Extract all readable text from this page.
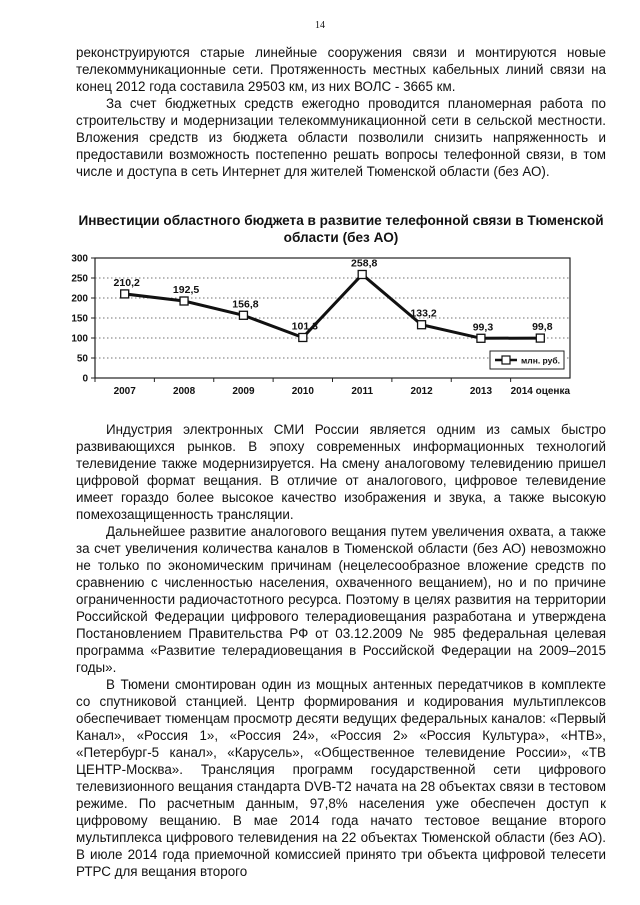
14

реконструируются старые линейные сооружения связи и монтируются новые телекоммуникационные сети. Протяженность местных кабельных линий связи на конец 2012 года составила 29503 км, из них ВОЛС - 3665 км.

За счет бюджетных средств ежегодно проводится планомерная работа по строительству и модернизации телекоммуникационной сети в сельской местности. Вложения средств из бюджета области позволили снизить напряженность и предоставили возможность постепенно решать вопросы телефонной связи, в том числе и доступа в сеть Интернет для жителей Тюменской области (без АО).

Инвестиции областного бюджета в развитие телефонной связи в Тюменской области (без АО)
0
50
100
150
200
250
300
2007	2008	2009	2010	2011	2012	2013 2014 оценка
210,2
192,5
156,8
101,3
258,8
133,2
99,3	99,8
млн. руб.

Индустрия электронных СМИ России является одним из самых быстро развивающихся рынков. В эпоху современных информационных технологий телевидение также модернизируется. На смену аналоговому телевидению пришел цифровой формат вещания. В отличие от аналогового, цифровое телевидение имеет гораздо более высокое качество изображения и звука, а также высокую помехозащищенность трансляции.

Дальнейшее развитие аналогового вещания путем увеличения охвата, а также за счет увеличения количества каналов в Тюменской области (без АО) невозможно не только по экономическим причинам (нецелесообразное вложение средств по сравнению с численностью населения, охваченного вещанием), но и по причине ограниченности радиочастотного ресурса. Поэтому в целях развития на территории Российской Федерации цифрового телерадиовещания разработана и утверждена Постановлением Правительства РФ от 03.12.2009 № 985 федеральная целевая программа «Развитие телерадиовещания в Российской Федерации на 2009–2015 годы».

В Тюмени смонтирован один из мощных антенных передатчиков в комплекте со спутниковой станцией. Центр формирования и кодирования мультиплексов обеспечивает тюменцам просмотр десяти ведущих федеральных каналов: «Первый Канал», «Россия 1», «Россия 24», «Россия 2» «Россия Культура», «НТВ», «Петербург-5 канал», «Карусель», «Общественное телевидение России», «ТВ ЦЕНТР-Москва». Трансляция программ государственной сети цифрового телевизионного вещания стандарта DVB-T2 начата на 28 объектах связи в тестовом режиме. По расчетным данным, 97,8% населения уже обеспечен доступ к цифровому вещанию. В мае 2014 года начато тестовое вещание второго мультиплекса цифрового телевидения на 22 объектах Тюменской области (без АО). В июле 2014 года приемочной комиссией принято три объекта цифровой телесети РТРС для вещания второго
